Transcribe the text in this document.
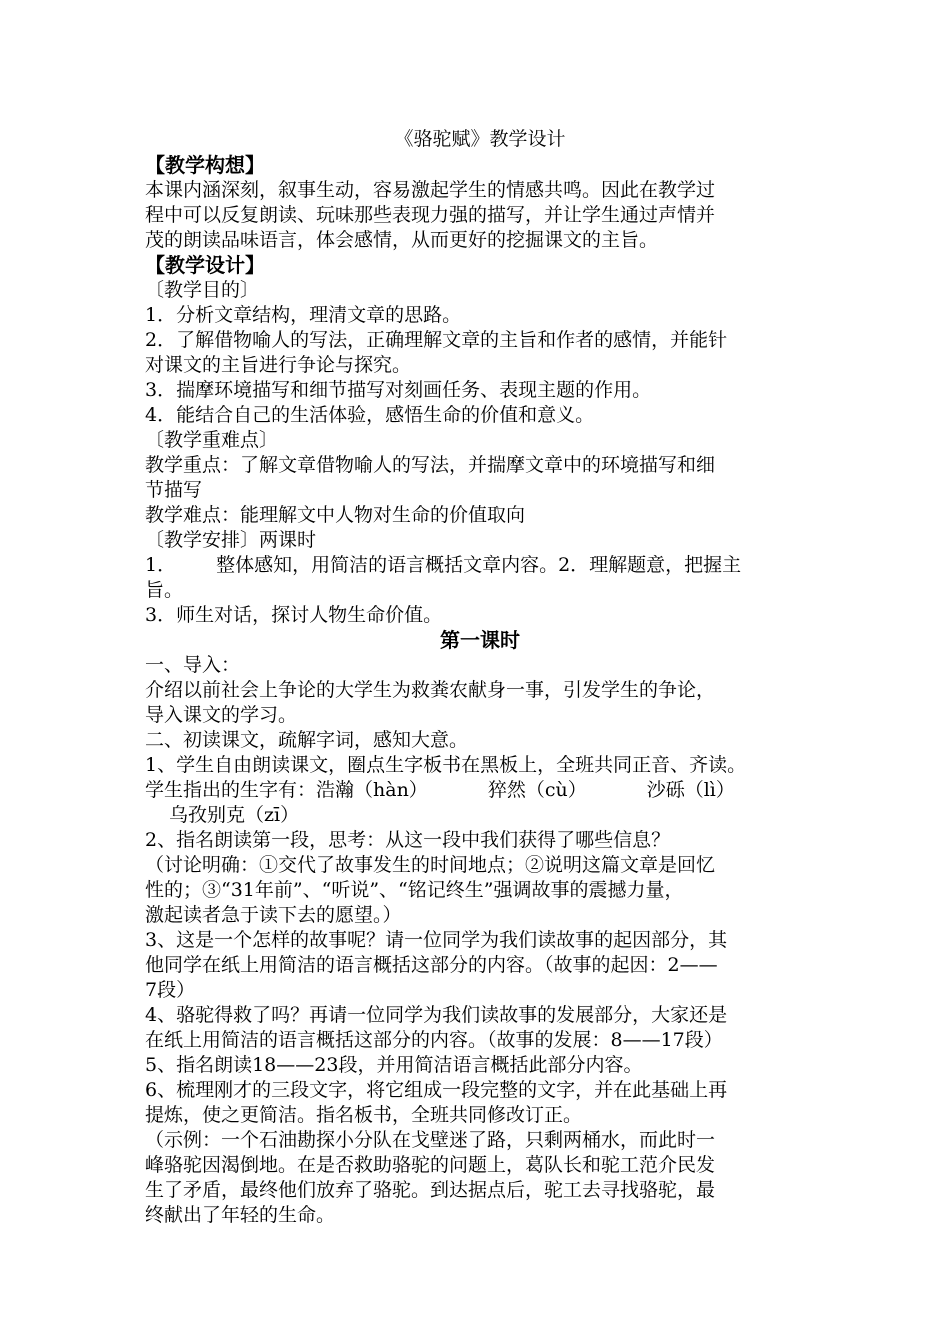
《骆驼赋》教学设计
【教学构想】
本课内涵深刻，叙事生动，容易激起学生的情感共鸣。因此在教学过
程中可以反复朗读、玩味那些表现力强的描写，并让学生通过声情并
茂的朗读品味语言，体会感情，从而更好的挖掘课文的主旨。
【教学设计】
〔教学目的〕
1．分析文章结构，理清文章的思路。
2．了解借物喻人的写法，正确理解文章的主旨和作者的感情，并能针
对课文的主旨进行争论与探究。
3．揣摩环境描写和细节描写对刻画任务、表现主题的作用。
4．能结合自己的生活体验，感悟生命的价值和意义。
〔教学重难点〕
教学重点：了解文章借物喻人的写法，并揣摩文章中的环境描写和细
节描写
教学难点：能理解文中人物对生命的价值取向
〔教学安排〕两课时
1． 整体感知，用简洁的语言概括文章内容。2．理解题意，把握主
旨。
3．师生对话，探讨人物生命价值。
第一课时
一、导入：
介绍以前社会上争论的大学生为救粪农献身一事，引发学生的争论，
导入课文的学习。
二、初读课文，疏解字词，感知大意。
1、学生自由朗读课文，圈点生字板书在黑板上，全班共同正音、齐读。
学生指出的生字有：浩瀚（hàn）	猝然（cù）	沙砾（lì）
乌孜别克（zī）
2、指名朗读第一段，思考：从这一段中我们获得了哪些信息？
（讨论明确：①交代了故事发生的时间地点；②说明这篇文章是回忆
性的；③“31年前”、“听说”、“铭记终生”强调故事的震撼力量，
激起读者急于读下去的愿望。）
3、这是一个怎样的故事呢？请一位同学为我们读故事的起因部分，其
他同学在纸上用简洁的语言概括这部分的内容。（故事的起因：2——
7段）
4、骆驼得救了吗？再请一位同学为我们读故事的发展部分，大家还是
在纸上用简洁的语言概括这部分的内容。（故事的发展：8——17段）
5、指名朗读18——23段，并用简洁语言概括此部分内容。
6、梳理刚才的三段文字，将它组成一段完整的文字，并在此基础上再
提炼，使之更简洁。指名板书，全班共同修改订正。
（示例：一个石油勘探小分队在戈壁迷了路，只剩两桶水，而此时一
峰骆驼因渴倒地。在是否救助骆驼的问题上，葛队长和驼工范介民发
生了矛盾，最终他们放弃了骆驼。到达据点后，驼工去寻找骆驼，最
终献出了年轻的生命。
